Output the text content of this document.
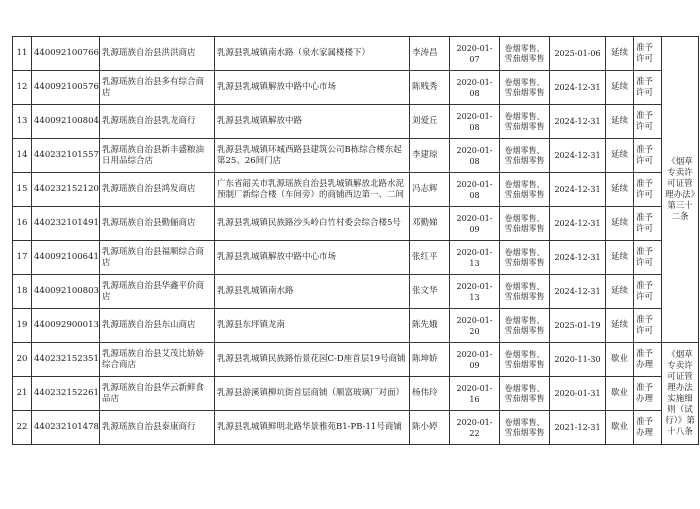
11	440092100766	乳源瑶族自治县洪洪商店	乳源县乳城镇南水路（泉水家属楼楼下）	李涛昌	2020-01-07	卷烟零售、雪茄烟零售	2025-01-06	延续	准予许可	《烟草专卖许可证管理办法》第三十二条
12	440092100576	乳源瑶族自治县多有综合商店	乳源县乳城镇解放中路中心市场	陈贱秀	2020-01-08	卷烟零售、雪茄烟零售	2024-12-31	延续	准予许可	
13	440092100804	乳源瑶族自治县乳龙商行	乳源县乳城镇解放中路	刘爱丘	2020-01-08	卷烟零售、雪茄烟零售	2024-12-31	延续	准予许可	
14	440232101557	乳源瑶族自治县新丰盛粮油日用品综合店	乳源县乳城镇环城西路县建筑公司B栋综合楼东起第25、26间门店	李建琼	2020-01-08	卷烟零售、雪茄烟零售	2024-12-31	延续	准予许可	
15	440232152120	乳源瑶族自治县鸿发商店	广东省韶关市乳源瑶族自治县乳城镇解放北路水泥预制厂新综合楼（车间旁）的商铺西边第一、二间	冯志辉	2020-01-08	卷烟零售、雪茄烟零售	2024-12-31	延续	准予许可	
16	440232101491	乳源瑶族自治县勤俪商店	乳源县乳城镇民族路沙头岭白竹村委会综合楼5号	邓勤娣	2020-01-09	卷烟零售、雪茄烟零售	2024-12-31	延续	准予许可	
17	440092100641	乳源瑶族自治县福顺综合商店	乳源县乳城镇解放中路中心市场	张红平	2020-01-13	卷烟零售、雪茄烟零售	2024-12-31	延续	准予许可	
18	440092100803	乳源瑶族自治县华鑫平价商店	乳源县乳城镇南水路	张文华	2020-01-13	卷烟零售、雪茄烟零售	2024-12-31	延续	准予许可	
19	440092900013	乳源瑶族自治县东山商店	乳源县东坪镇龙南	陈先娥	2020-01-20	卷烟零售、雪茄烟零售	2025-01-19	延续	准予许可	
20	440232152351	乳源瑶族自治县艾茂比娇娇综合商店	乳源县乳城镇民族路怡景花园C-D座首层19号商铺	陈坤娇	2020-01-09	卷烟零售、雪茄烟零售	2020-11-30	歇业	准予办理	《烟草专卖许可证管理办法实施细则（试行）》第十八条
21	440232152261	乳源瑶族自治县华云新鲜食品店	乳源县游溪镇柳坑街首层商铺（顺富玻璃厂对面）	杨伟玲	2020-01-16	卷烟零售、雪茄烟零售	2020-01-31	歇业	准予办理	
22	440232101478	乳源瑶族自治县泰康商行	乳源县乳城镇鲜明北路华景雅苑B1-PB-11号商铺	陈小婷	2020-01-22	卷烟零售、雪茄烟零售	2021-12-31	歇业	准予办理	
